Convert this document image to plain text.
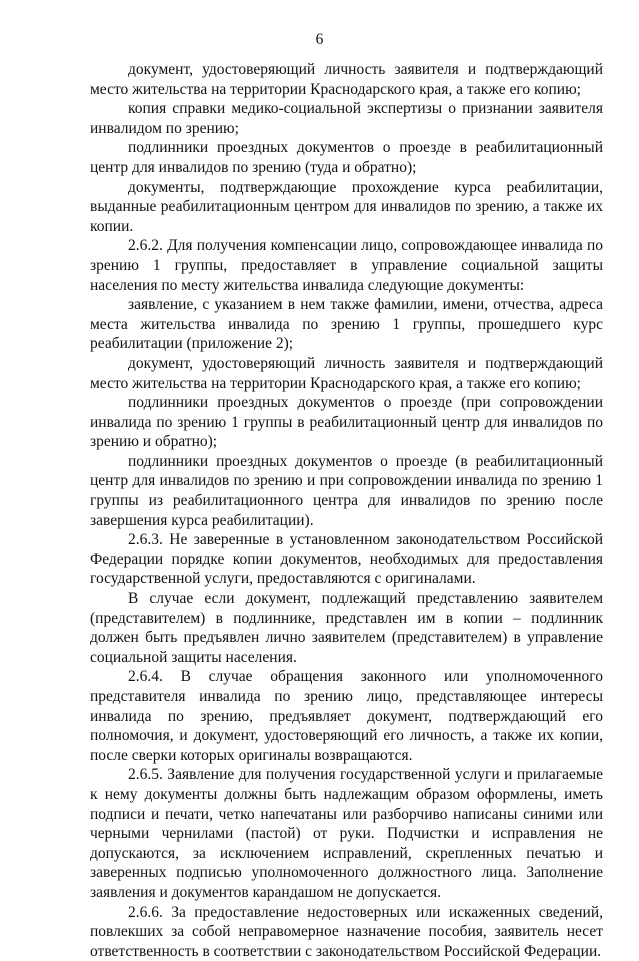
6

документ, удостоверяющий личность заявителя и подтверждающий место жительства на территории Краснодарского края, а также его копию;

копия справки медико-социальной экспертизы о признании заявителя инвалидом по зрению;

подлинники проездных документов о проезде в реабилитационный центр для инвалидов по зрению (туда и обратно);

документы, подтверждающие прохождение курса реабилитации, выданные реабилитационным центром для инвалидов по зрению, а также их копии.

2.6.2. Для получения компенсации лицо, сопровождающее инвалида по зрению 1 группы, предоставляет в управление социальной защиты населения по месту жительства инвалида следующие документы:

заявление, с указанием в нем также фамилии, имени, отчества, адреса места жительства инвалида по зрению 1 группы, прошедшего курс реабилитации (приложение 2);

документ, удостоверяющий личность заявителя и подтверждающий место жительства на территории Краснодарского края, а также его копию;

подлинники проездных документов о проезде (при сопровождении инвалида по зрению 1 группы в реабилитационный центр для инвалидов по зрению и обратно);

подлинники проездных документов о проезде (в реабилитационный центр для инвалидов по зрению и при сопровождении инвалида по зрению 1 группы из реабилитационного центра для инвалидов по зрению после завершения курса реабилитации).

2.6.3. Не заверенные в установленном законодательством Российской Федерации порядке копии документов, необходимых для предоставления государственной услуги, предоставляются с оригиналами.

В случае если документ, подлежащий представлению заявителем (представителем) в подлиннике, представлен им в копии – подлинник должен быть предъявлен лично заявителем (представителем) в управление социальной защиты населения.

2.6.4. В случае обращения законного или уполномоченного представителя инвалида по зрению лицо, представляющее интересы инвалида по зрению, предъявляет документ, подтверждающий его полномочия, и документ, удостоверяющий его личность, а также их копии, после сверки которых оригиналы возвращаются.

2.6.5. Заявление для получения государственной услуги и прилагаемые к нему документы должны быть надлежащим образом оформлены, иметь подписи и печати, четко напечатаны или разборчиво написаны синими или черными чернилами (пастой) от руки. Подчистки и исправления не допускаются, за исключением исправлений, скрепленных печатью и заверенных подписью уполномоченного должностного лица. Заполнение заявления и документов карандашом не допускается.

2.6.6. За предоставление недостоверных или искаженных сведений, повлекших за собой неправомерное назначение пособия, заявитель несет ответственность в соответствии с законодательством Российской Федерации.
